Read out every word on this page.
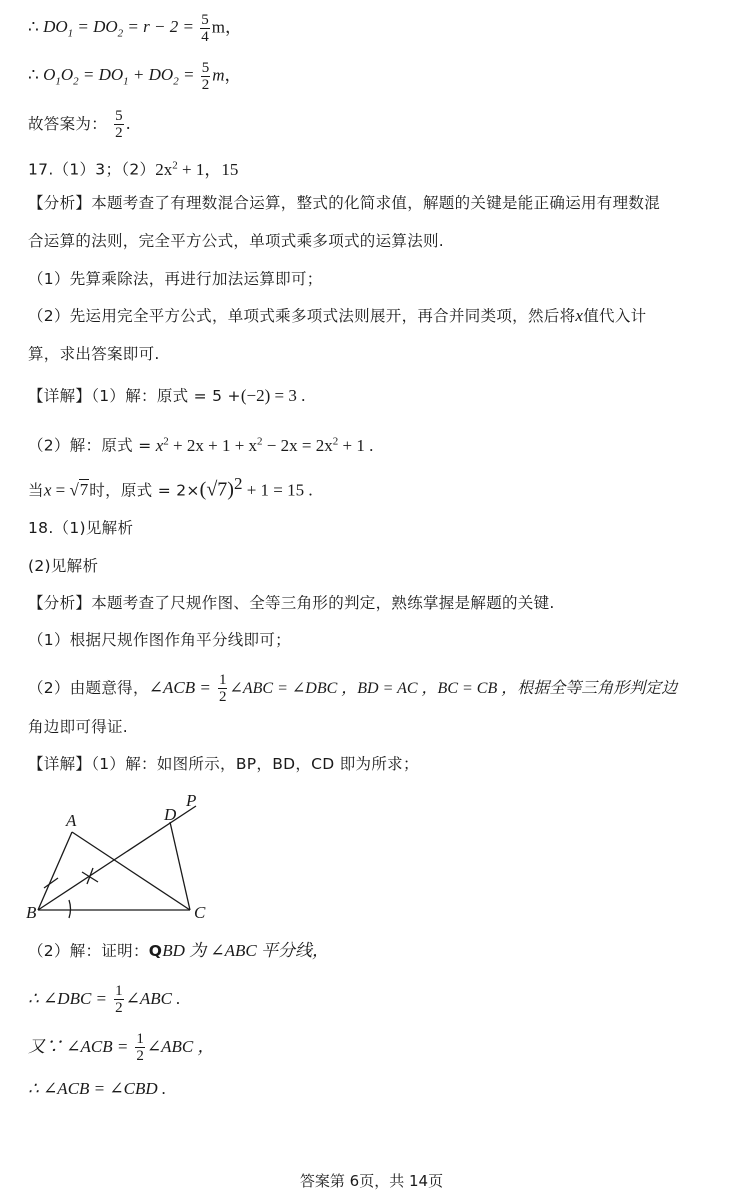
∴ $DO_1 = DO_2 = r - 2 = \frac{5}{4}$ m，
∴ $O_1O_2 = DO_1 + DO_2 = \frac{5}{2}$ m，
故答案为： $\frac{5}{2}$ .
17.（1）3；$(2)2x^2 + 1$，15
【分析】本题考查了有理数混合运算，整式的化简求值，解题的关键是能正确运用有理数混
合运算的法则，完全平方公式，单项式乘多项式的运算法则.
（1）先算乘除法，再进行加法运算即可；
（2）先运用完全平方公式，单项式乘多项式法则展开，再合并同类项，然后将x值代入计
算，求出答案即可.
【详解】（1）解：原式 = 5 +(−2) = 3 .
（2）解：原式 = $x^2 + 2x + 1 + x^2 - 2x = 2x^2 + 1$ .
当x = √7时，原式 = $2\times(√7)^2 + 1 = 15$ .
18.（1)见解析
(2)见解析
【分析】本题考查了尺规作图、全等三角形的判定，熟练掌握是解题的关键.
（1）根据尺规作图作角平分线即可；
（2）由题意得，∠ACB = $\frac{1}{2}$ ∠ABC = ∠DBC ，BD = AC ，BC = CB ，根据全等三角形判定边
角边即可得证.
【详解】（1）解：如图所示，BP，BD，CD 即为所求；
A
B	C
D
P
（2）解：证明：QBD 为 ∠ABC 平分线，
∴ ∠DBC = $\frac{1}{2}$ ∠ABC .
又∵ ∠ACB = $\frac{1}{2}$ ∠ABC ，
∴ ∠ACB = ∠CBD .
答案第 6页，共 14页
